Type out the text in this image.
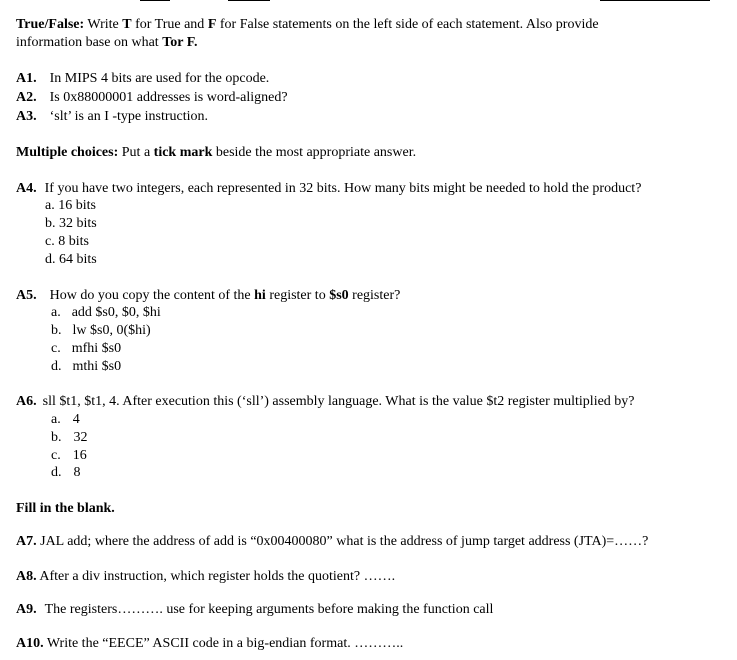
True/False: Write T for True and F for False statements on the left side of each statement. Also provide
information base on what Tor F.
A1. In MIPS 4 bits are used for the opcode.
A2. Is 0x88000001 addresses is word-aligned?
A3. ‘slt’ is an I -type instruction.
Multiple choices: Put a tick mark beside the most appropriate answer.
A4. If you have two integers, each represented in 32 bits. How many bits might be needed to hold the product?
a. 16 bits
b. 32 bits
c. 8 bits
d. 64 bits
A5. How do you copy the content of the hi register to $s0 register?
a. add $s0, $0, $hi
b. lw $s0, 0($hi)
c. mfhi $s0
d. mthi $s0
A6. sll $t1, $t1, 4. After execution this (‘sll’) assembly language. What is the value $t2 register multiplied by?
a. 4
b. 32
c. 16
d. 8
Fill in the blank.
A7. JAL add; where the address of add is “0x00400080” what is the address of jump target address (JTA)=……?
A8. After a div instruction, which register holds the quotient? …….
A9. The registers………. use for keeping arguments before making the function call
A10. Write the “EECE” ASCII code in a big-endian format. ………..
